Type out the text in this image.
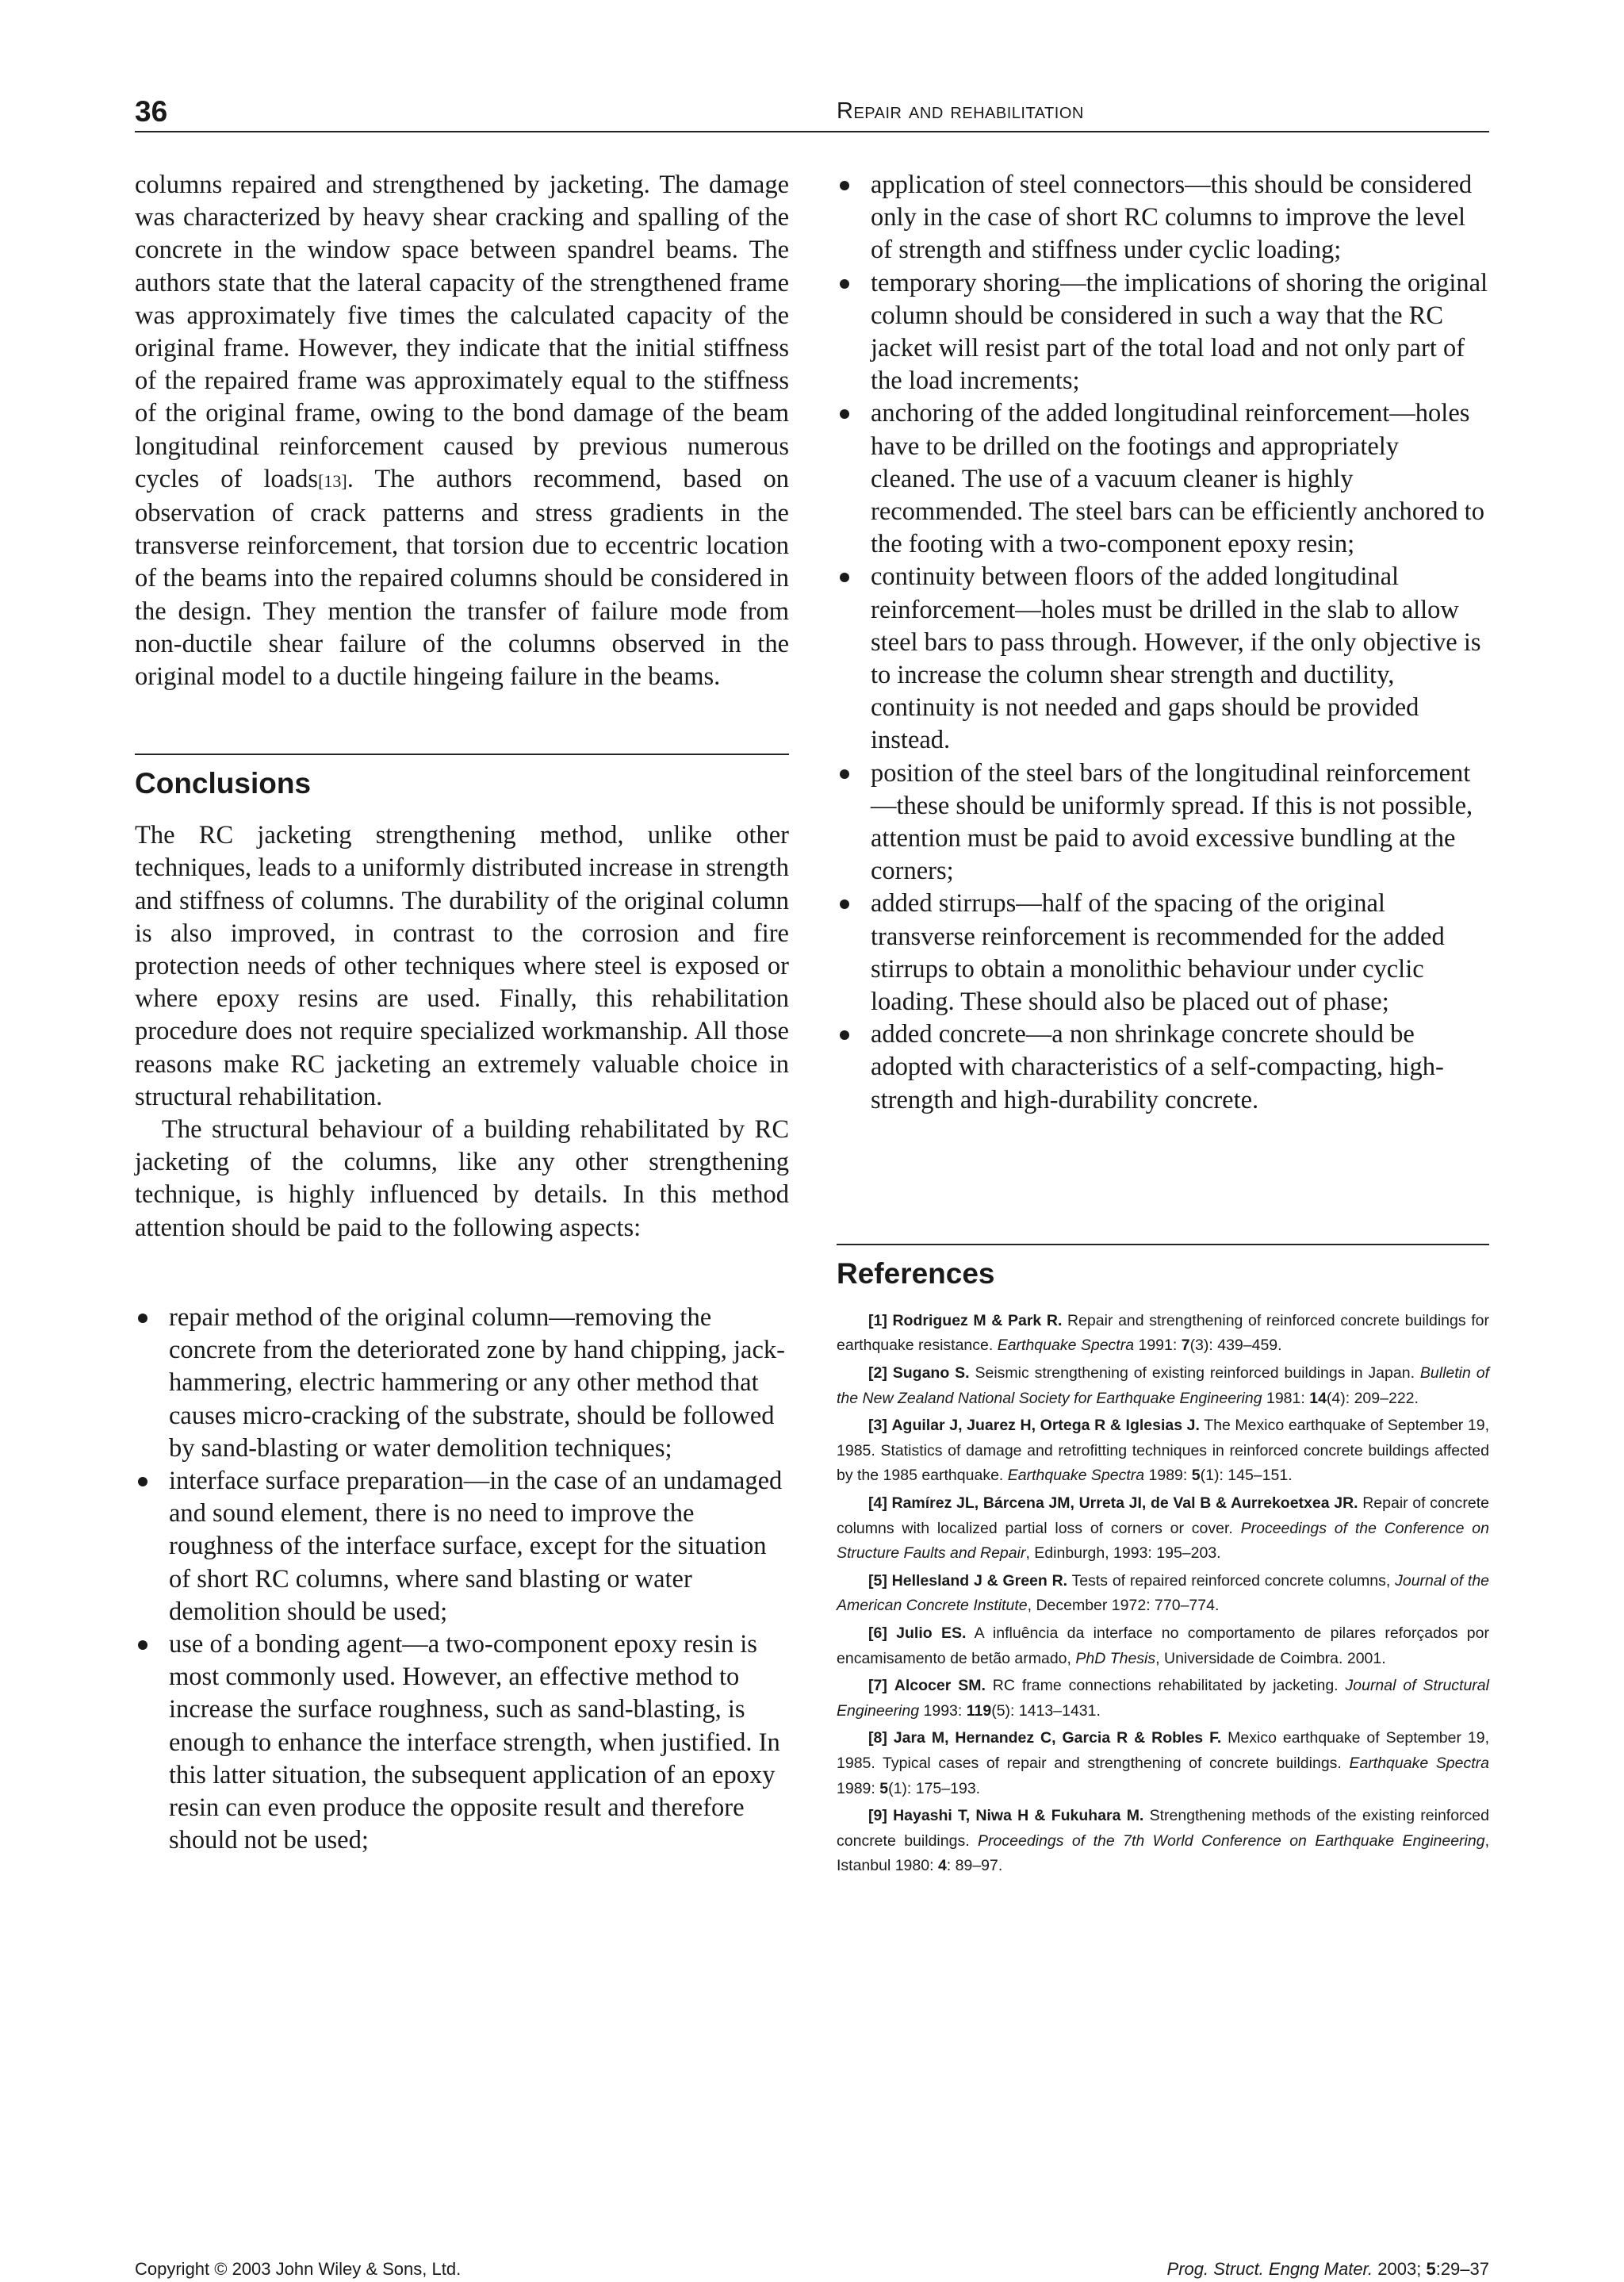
36	Repair and rehabilitation

columns repaired and strengthened by jacketing. The damage was characterized by heavy shear cracking and spalling of the concrete in the window space between spandrel beams. The authors state that the lateral capacity of the strengthened frame was approximately five times the calculated capacity of the original frame. However, they indicate that the initial stiffness of the repaired frame was approximately equal to the stiffness of the original frame, owing to the bond damage of the beam longitudinal reinforcement caused by previous numerous cycles of loads[13]. The authors recommend, based on observation of crack patterns and stress gradients in the transverse reinforcement, that torsion due to eccentric location of the beams into the repaired columns should be considered in the design. They mention the transfer of failure mode from non-ductile shear failure of the columns observed in the original model to a ductile hingeing failure in the beams.

Conclusions

The RC jacketing strengthening method, unlike other techniques, leads to a uniformly distributed increase in strength and stiffness of columns. The durability of the original column is also improved, in contrast to the corrosion and fire protection needs of other techniques where steel is exposed or where epoxy resins are used. Finally, this rehabilitation procedure does not require specialized workmanship. All those reasons make RC jacketing an extremely valuable choice in structural rehabilitation.

The structural behaviour of a building rehabilitated by RC jacketing of the columns, like any other strengthening technique, is highly influenced by details. In this method attention should be paid to the following aspects:

repair method of the original column—removing the concrete from the deteriorated zone by hand chipping, jack-hammering, electric hammering or any other method that causes micro-cracking of the substrate, should be followed by sand-blasting or water demolition techniques;
interface surface preparation—in the case of an undamaged and sound element, there is no need to improve the roughness of the interface surface, except for the situation of short RC columns, where sand blasting or water demolition should be used;
use of a bonding agent—a two-component epoxy resin is most commonly used. However, an effective method to increase the surface roughness, such as sand-blasting, is enough to enhance the interface strength, when justified. In this latter situation, the subsequent application of an epoxy resin can even produce the opposite result and therefore should not be used;
application of steel connectors—this should be considered only in the case of short RC columns to improve the level of strength and stiffness under cyclic loading;
temporary shoring—the implications of shoring the original column should be considered in such a way that the RC jacket will resist part of the total load and not only part of the load increments;
anchoring of the added longitudinal reinforcement—holes have to be drilled on the footings and appropriately cleaned. The use of a vacuum cleaner is highly recommended. The steel bars can be efficiently anchored to the footing with a two-component epoxy resin;
continuity between floors of the added longitudinal reinforcement—holes must be drilled in the slab to allow steel bars to pass through. However, if the only objective is to increase the column shear strength and ductility, continuity is not needed and gaps should be provided instead.
position of the steel bars of the longitudinal reinforcement—these should be uniformly spread. If this is not possible, attention must be paid to avoid excessive bundling at the corners;
added stirrups—half of the spacing of the original transverse reinforcement is recommended for the added stirrups to obtain a monolithic behaviour under cyclic loading. These should also be placed out of phase;
added concrete—a non shrinkage concrete should be adopted with characteristics of a self-compacting, high-strength and high-durability concrete.
References

[1] Rodriguez M & Park R. Repair and strengthening of reinforced concrete buildings for earthquake resistance. Earthquake Spectra 1991: 7(3): 439–459.

[2] Sugano S. Seismic strengthening of existing reinforced buildings in Japan. Bulletin of the New Zealand National Society for Earthquake Engineering 1981: 14(4): 209–222.

[3] Aguilar J, Juarez H, Ortega R & Iglesias J. The Mexico earthquake of September 19, 1985. Statistics of damage and retrofitting techniques in reinforced concrete buildings affected by the 1985 earthquake. Earthquake Spectra 1989: 5(1): 145–151.

[4] Ramírez JL, Bárcena JM, Urreta JI, de Val B & Aurrekoetxea JR. Repair of concrete columns with localized partial loss of corners or cover. Proceedings of the Conference on Structure Faults and Repair, Edinburgh, 1993: 195–203.

[5] Hellesland J & Green R. Tests of repaired reinforced concrete columns, Journal of the American Concrete Institute, December 1972: 770–774.

[6] Julio ES. A influência da interface no comportamento de pilares reforçados por encamisamento de betão armado, PhD Thesis, Universidade de Coimbra. 2001.

[7] Alcocer SM. RC frame connections rehabilitated by jacketing. Journal of Structural Engineering 1993: 119(5): 1413–1431.

[8] Jara M, Hernandez C, Garcia R & Robles F. Mexico earthquake of September 19, 1985. Typical cases of repair and strengthening of concrete buildings. Earthquake Spectra 1989: 5(1): 175–193.

[9] Hayashi T, Niwa H & Fukuhara M. Strengthening methods of the existing reinforced concrete buildings. Proceedings of the 7th World Conference on Earthquake Engineering, Istanbul 1980: 4: 89–97.

Copyright © 2003 John Wiley & Sons, Ltd.	Prog. Struct. Engng Mater. 2003; 5:29–37
